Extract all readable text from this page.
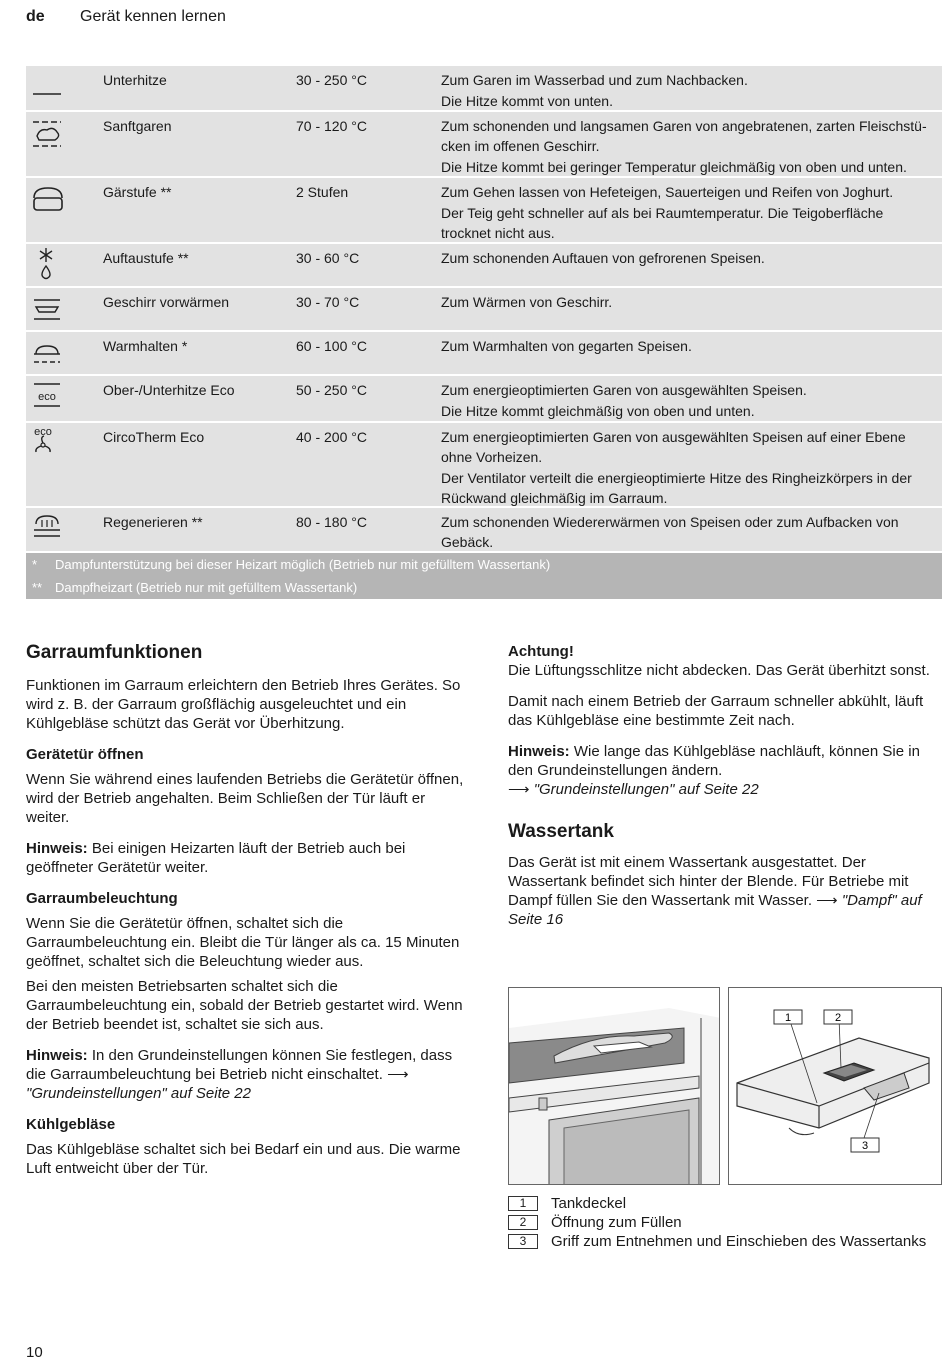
de Gerät kennen lernen
Unterhitze	30 - 250 °C	Zum Garen im Wasserbad und zum Nachbacken.

Die Hitze kommt von unten.

Sanftgaren	70 - 120 °C	Zum schonenden und langsamen Garen von angebratenen, zarten Fleischstücken im offenen Geschirr.

Die Hitze kommt bei geringer Temperatur gleichmäßig von oben und unten.

Gärstufe **	2 Stufen	Zum Gehen lassen von Hefeteigen, Sauerteigen und Reifen von Joghurt.

Der Teig geht schneller auf als bei Raumtemperatur. Die Teigoberfläche trocknet nicht aus.

Auftaustufe **	30 - 60 °C	Zum schonenden Auftauen von gefrorenen Speisen.

Geschirr vorwärmen	30 - 70 °C	Zum Wärmen von Geschirr.

Warmhalten *	60 - 100 °C	Zum Warmhalten von gegarten Speisen.

eco	Ober-/Unterhitze Eco	50 - 250 °C	Zum energieoptimierten Garen von ausgewählten Speisen.

Die Hitze kommt gleichmäßig von oben und unten.

eco	CircoTherm Eco	40 - 200 °C	Zum energieoptimierten Garen von ausgewählten Speisen auf einer Ebene ohne Vorheizen.

Der Ventilator verteilt die energieoptimierte Hitze des Ringheizkörpers in der Rückwand gleichmäßig im Garraum.

Regenerieren **	80 - 180 °C	Zum schonenden Wiedererwärmen von Speisen oder zum Aufbacken von Gebäck.

*	Dampfunterstützung bei dieser Heizart möglich (Betrieb nur mit gefülltem Wassertank)
** Dampfheizart (Betrieb nur mit gefülltem Wassertank)
Garraumfunktionen

Funktionen im Garraum erleichtern den Betrieb Ihres Gerätes. So wird z. B. der Garraum großflächig ausgeleuchtet und ein Kühlgebläse schützt das Gerät vor Überhitzung.

Gerätetür öffnen

Wenn Sie während eines laufenden Betriebs die Gerätetür öffnen, wird der Betrieb angehalten. Beim Schließen der Tür läuft er weiter.

Hinweis: Bei einigen Heizarten läuft der Betrieb auch bei geöffneter Gerätetür weiter.

Garraumbeleuchtung

Wenn Sie die Gerätetür öffnen, schaltet sich die Garraumbeleuchtung ein. Bleibt die Tür länger als ca. 15 Minuten geöffnet, schaltet sich die Beleuchtung wieder aus.

Bei den meisten Betriebsarten schaltet sich die Garraumbeleuchtung ein, sobald der Betrieb gestartet wird. Wenn der Betrieb beendet ist, schaltet sie sich aus.

Hinweis: In den Grundeinstellungen können Sie festlegen, dass die Garraumbeleuchtung bei Betrieb nicht einschaltet. ⟶ "Grundeinstellungen" auf Seite 22

Kühlgebläse

Das Kühlgebläse schaltet sich bei Bedarf ein und aus. Die warme Luft entweicht über der Tür.

Achtung!

Die Lüftungsschlitze nicht abdecken. Das Gerät überhitzt sonst.

Damit nach einem Betrieb der Garraum schneller abkühlt, läuft das Kühlgebläse eine bestimmte Zeit nach.

Hinweis: Wie lange das Kühlgebläse nachläuft, können Sie in den Grundeinstellungen ändern.

⟶ "Grundeinstellungen" auf Seite 22

Wassertank

Das Gerät ist mit einem Wassertank ausgestattet. Der Wassertank befindet sich hinter der Blende. Für Betriebe mit Dampf füllen Sie den Wassertank mit Wasser. ⟶ "Dampf" auf Seite 16

1	2
3
1	Tankdeckel
2	Öffnung zum Füllen
3	Griff zum Entnehmen und Einschieben des Wassertanks
10
